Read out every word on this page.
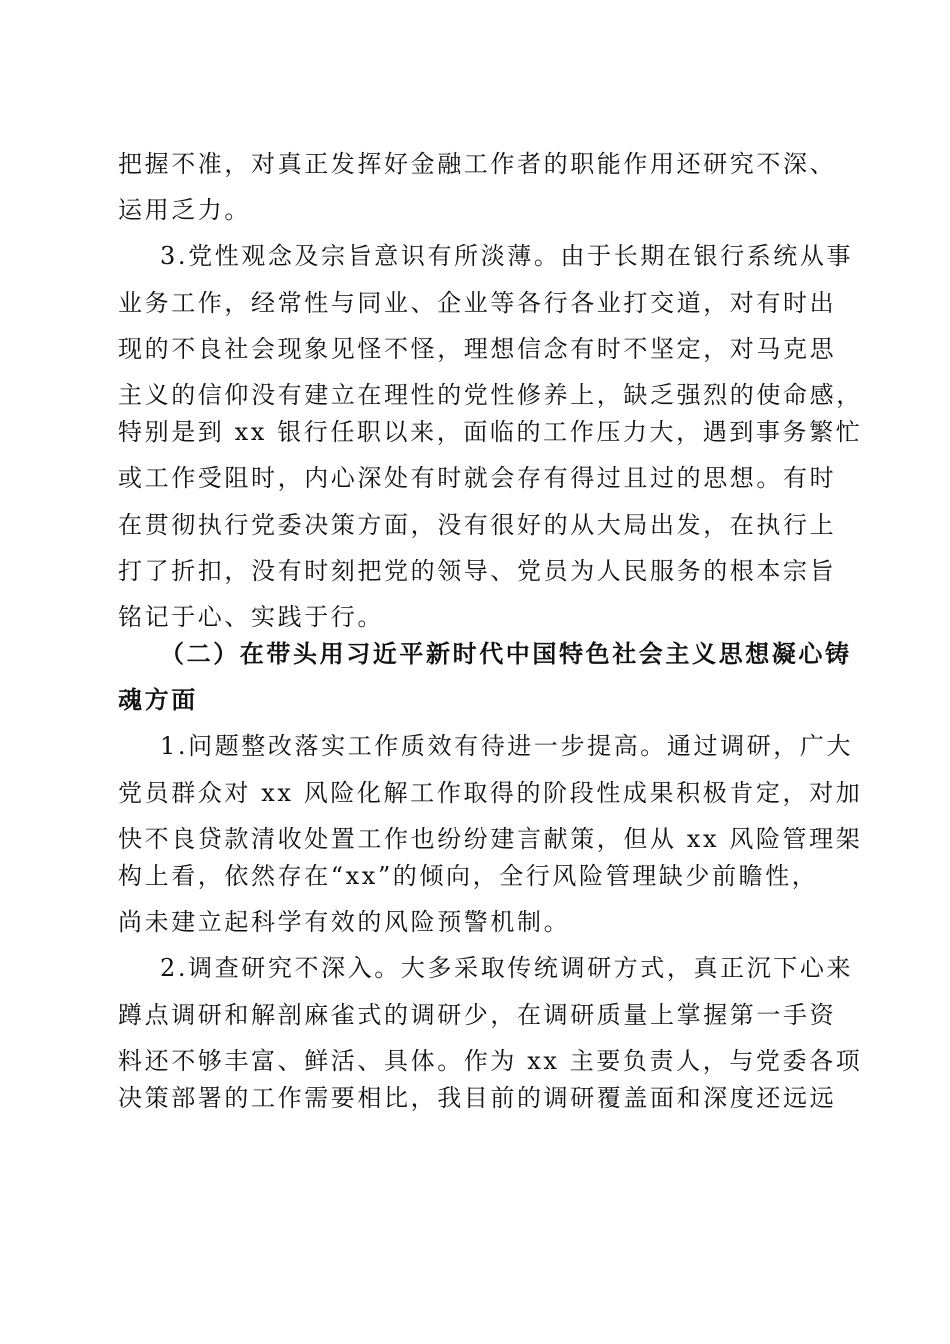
把握不准，对真正发挥好金融工作者的职能作用还研究不深、
运用乏力。
3.党性观念及宗旨意识有所淡薄。由于长期在银行系统从事
业务工作，经常性与同业、企业等各行各业打交道，对有时出
现的不良社会现象见怪不怪，理想信念有时不坚定，对马克思
主义的信仰没有建立在理性的党性修养上，缺乏强烈的使命感，
特别是到 xx 银行任职以来，面临的工作压力大，遇到事务繁忙
或工作受阻时，内心深处有时就会存有得过且过的思想。有时
在贯彻执行党委决策方面，没有很好的从大局出发，在执行上
打了折扣，没有时刻把党的领导、党员为人民服务的根本宗旨
铭记于心、实践于行。
（二）在带头用习近平新时代中国特色社会主义思想凝心铸
魂方面
1.问题整改落实工作质效有待进一步提高。通过调研，广大
党员群众对 xx 风险化解工作取得的阶段性成果积极肯定，对加
快不良贷款清收处置工作也纷纷建言献策，但从 xx 风险管理架
构上看，依然存在“xx”的倾向，全行风险管理缺少前瞻性，
尚未建立起科学有效的风险预警机制。
2.调查研究不深入。大多采取传统调研方式，真正沉下心来
蹲点调研和解剖麻雀式的调研少，在调研质量上掌握第一手资
料还不够丰富、鲜活、具体。作为 xx 主要负责人，与党委各项
决策部署的工作需要相比，我目前的调研覆盖面和深度还远远
